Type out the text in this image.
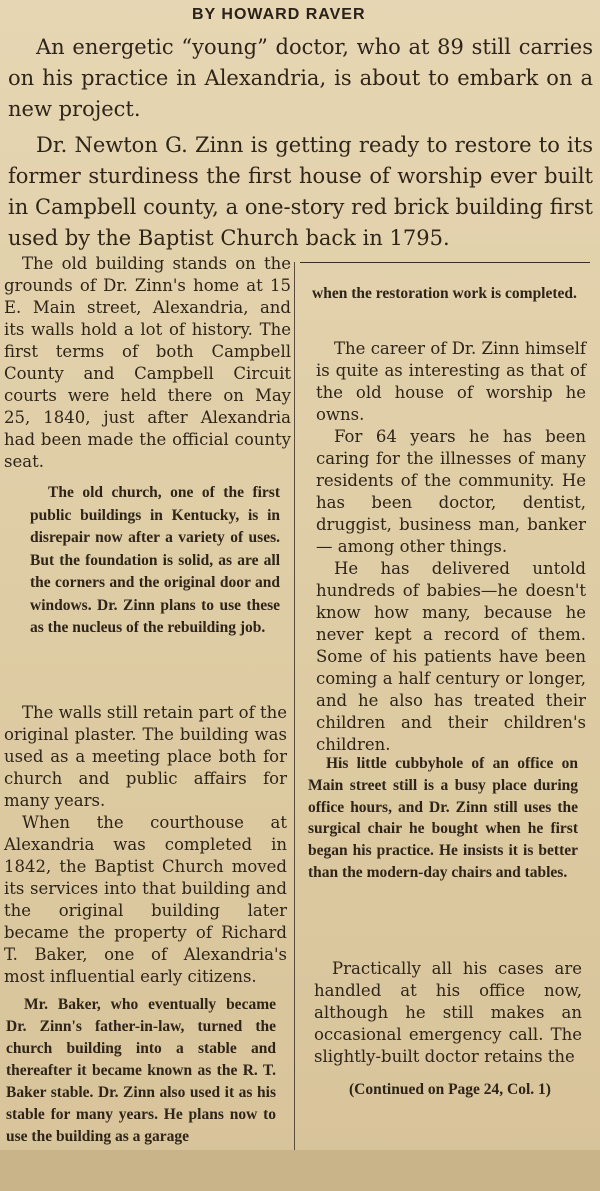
BY HOWARD RAVER

An energetic “young” doctor, who at 89 still carries on his practice in Alexandria, is about to embark on a new project.

Dr. Newton G. Zinn is getting ready to restore to its former sturdiness the first house of worship ever built in Campbell county, a one-story red brick building first used by the Baptist Church back in 1795.

The old building stands on the grounds of Dr. Zinn's home at 15 E. Main street, Alexandria, and its walls hold a lot of history. The first terms of both Campbell County and Campbell Circuit courts were held there on May 25, 1840, just after Alexandria had been made the official county seat.

The old church, one of the first public buildings in Kentucky, is in disrepair now after a variety of uses. But the foundation is solid, as are all the corners and the original door and windows. Dr. Zinn plans to use these as the nucleus of the rebuilding job.

The walls still retain part of the original plaster. The building was used as a meeting place both for church and public affairs for many years.

When the courthouse at Alexandria was completed in 1842, the Baptist Church moved its services into that building and the original building later became the property of Richard T. Baker, one of Alexandria's most influential early citizens.

Mr. Baker, who eventually became Dr. Zinn's father-in-law, turned the church building into a stable and thereafter it became known as the R. T. Baker stable. Dr. Zinn also used it as his stable for many years. He plans now to use the building as a garage

when the restoration work is completed.

The career of Dr. Zinn himself is quite as interesting as that of the old house of worship he owns.

For 64 years he has been caring for the illnesses of many residents of the community. He has been doctor, dentist, druggist, business man, banker — among other things.

He has delivered untold hundreds of babies—he doesn't know how many, because he never kept a record of them. Some of his patients have been coming a half century or longer, and he also has treated their children and their children's children.

His little cubbyhole of an office on Main street still is a busy place during office hours, and Dr. Zinn still uses the surgical chair he bought when he first began his practice. He insists it is better than the modern-day chairs and tables.

Practically all his cases are handled at his office now, although he still makes an occasional emergency call. The slightly-built doctor retains the

(Continued on Page 24, Col. 1)
